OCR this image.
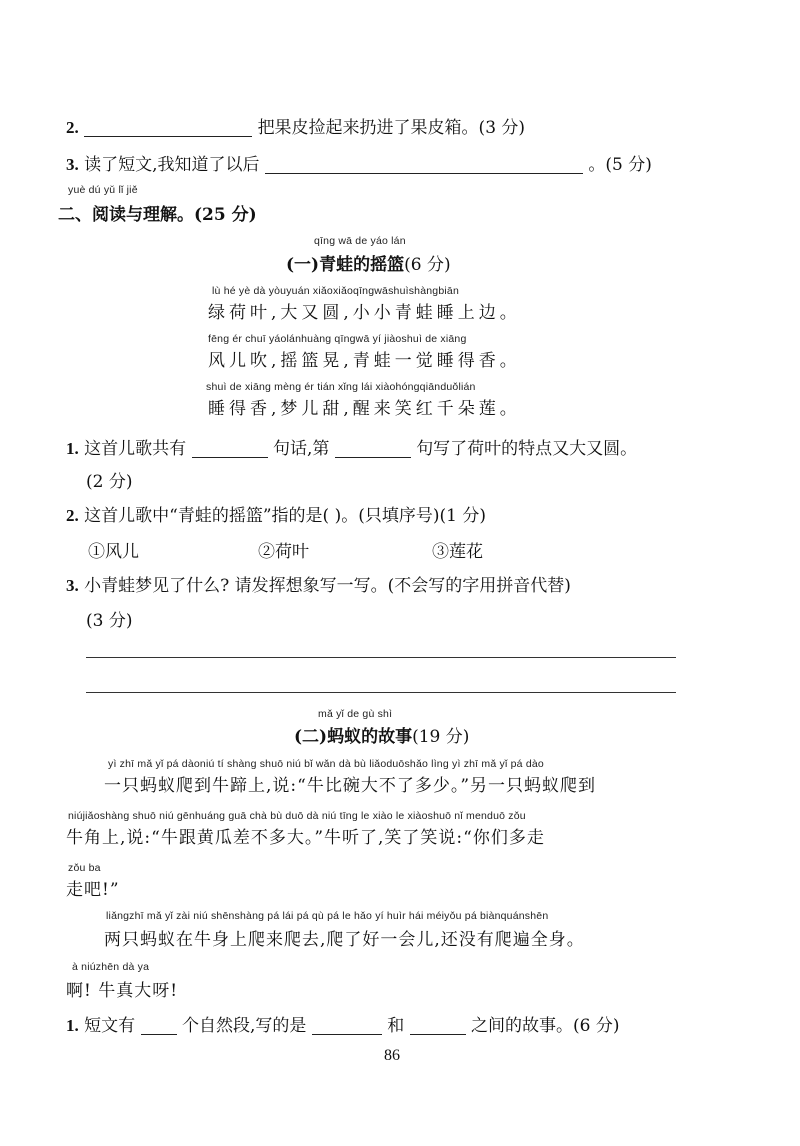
2.	把果皮捡起来扔进了果皮箱。(3 分)
3. 读了短文,我知道了以后	。(5 分)
yuè dú yǔ lǐ jiě
二、阅读与理解。(25 分)
qīng wā de yáo lán
(一)青蛙的摇篮(6 分)
lù hé yè dà yòuyuán xiǎoxiǎoqīngwāshuìshàngbiān
绿荷叶,大又圆,小小青蛙睡上边。
fēng ér chuī yáolánhuàng qīngwā yí jiàoshuì de xiāng
风儿吹,摇篮晃,青蛙一觉睡得香。
shuì de xiāng mèng ér tián xǐng lái xiàohóngqiānduǒlián
睡得香,梦儿甜,醒来笑红千朵莲。
1. 这首儿歌共有	句话,第	句写了荷叶的特点又大又圆。
(2 分)
2. 这首儿歌中“青蛙的摇篮”指的是( )。(只填序号)(1 分)
①风儿	②荷叶	③莲花
3. 小青蛙梦见了什么? 请发挥想象写一写。(不会写的字用拼音代替)
(3 分)
mǎ yǐ de gù shì
(二)蚂蚁的故事(19 分)
yì zhī mǎ yǐ pá dàoniú tí shàng shuō niú bǐ wǎn dà bù liǎoduōshǎo lìng yì zhī mǎ yǐ pá dào
一只蚂蚁爬到牛蹄上,说:“牛比碗大不了多少。”另一只蚂蚁爬到
niújiǎoshàng shuō niú gēnhuáng guā chà bù duō dà niú tīng le xiào le xiàoshuō nǐ menduō zǒu
牛角上,说:“牛跟黄瓜差不多大。”牛听了,笑了笑说:“你们多走
zǒu ba
走吧!”
liǎngzhī mǎ yǐ zài niú shēnshàng pá lái pá qù pá le hǎo yí huìr hái méiyǒu pá biànquánshēn
两只蚂蚁在牛身上爬来爬去,爬了好一会儿,还没有爬遍全身。
à niúzhēn dà ya
啊! 牛真大呀!
1. 短文有	个自然段,写的是	和	之间的故事。(6 分)
86
